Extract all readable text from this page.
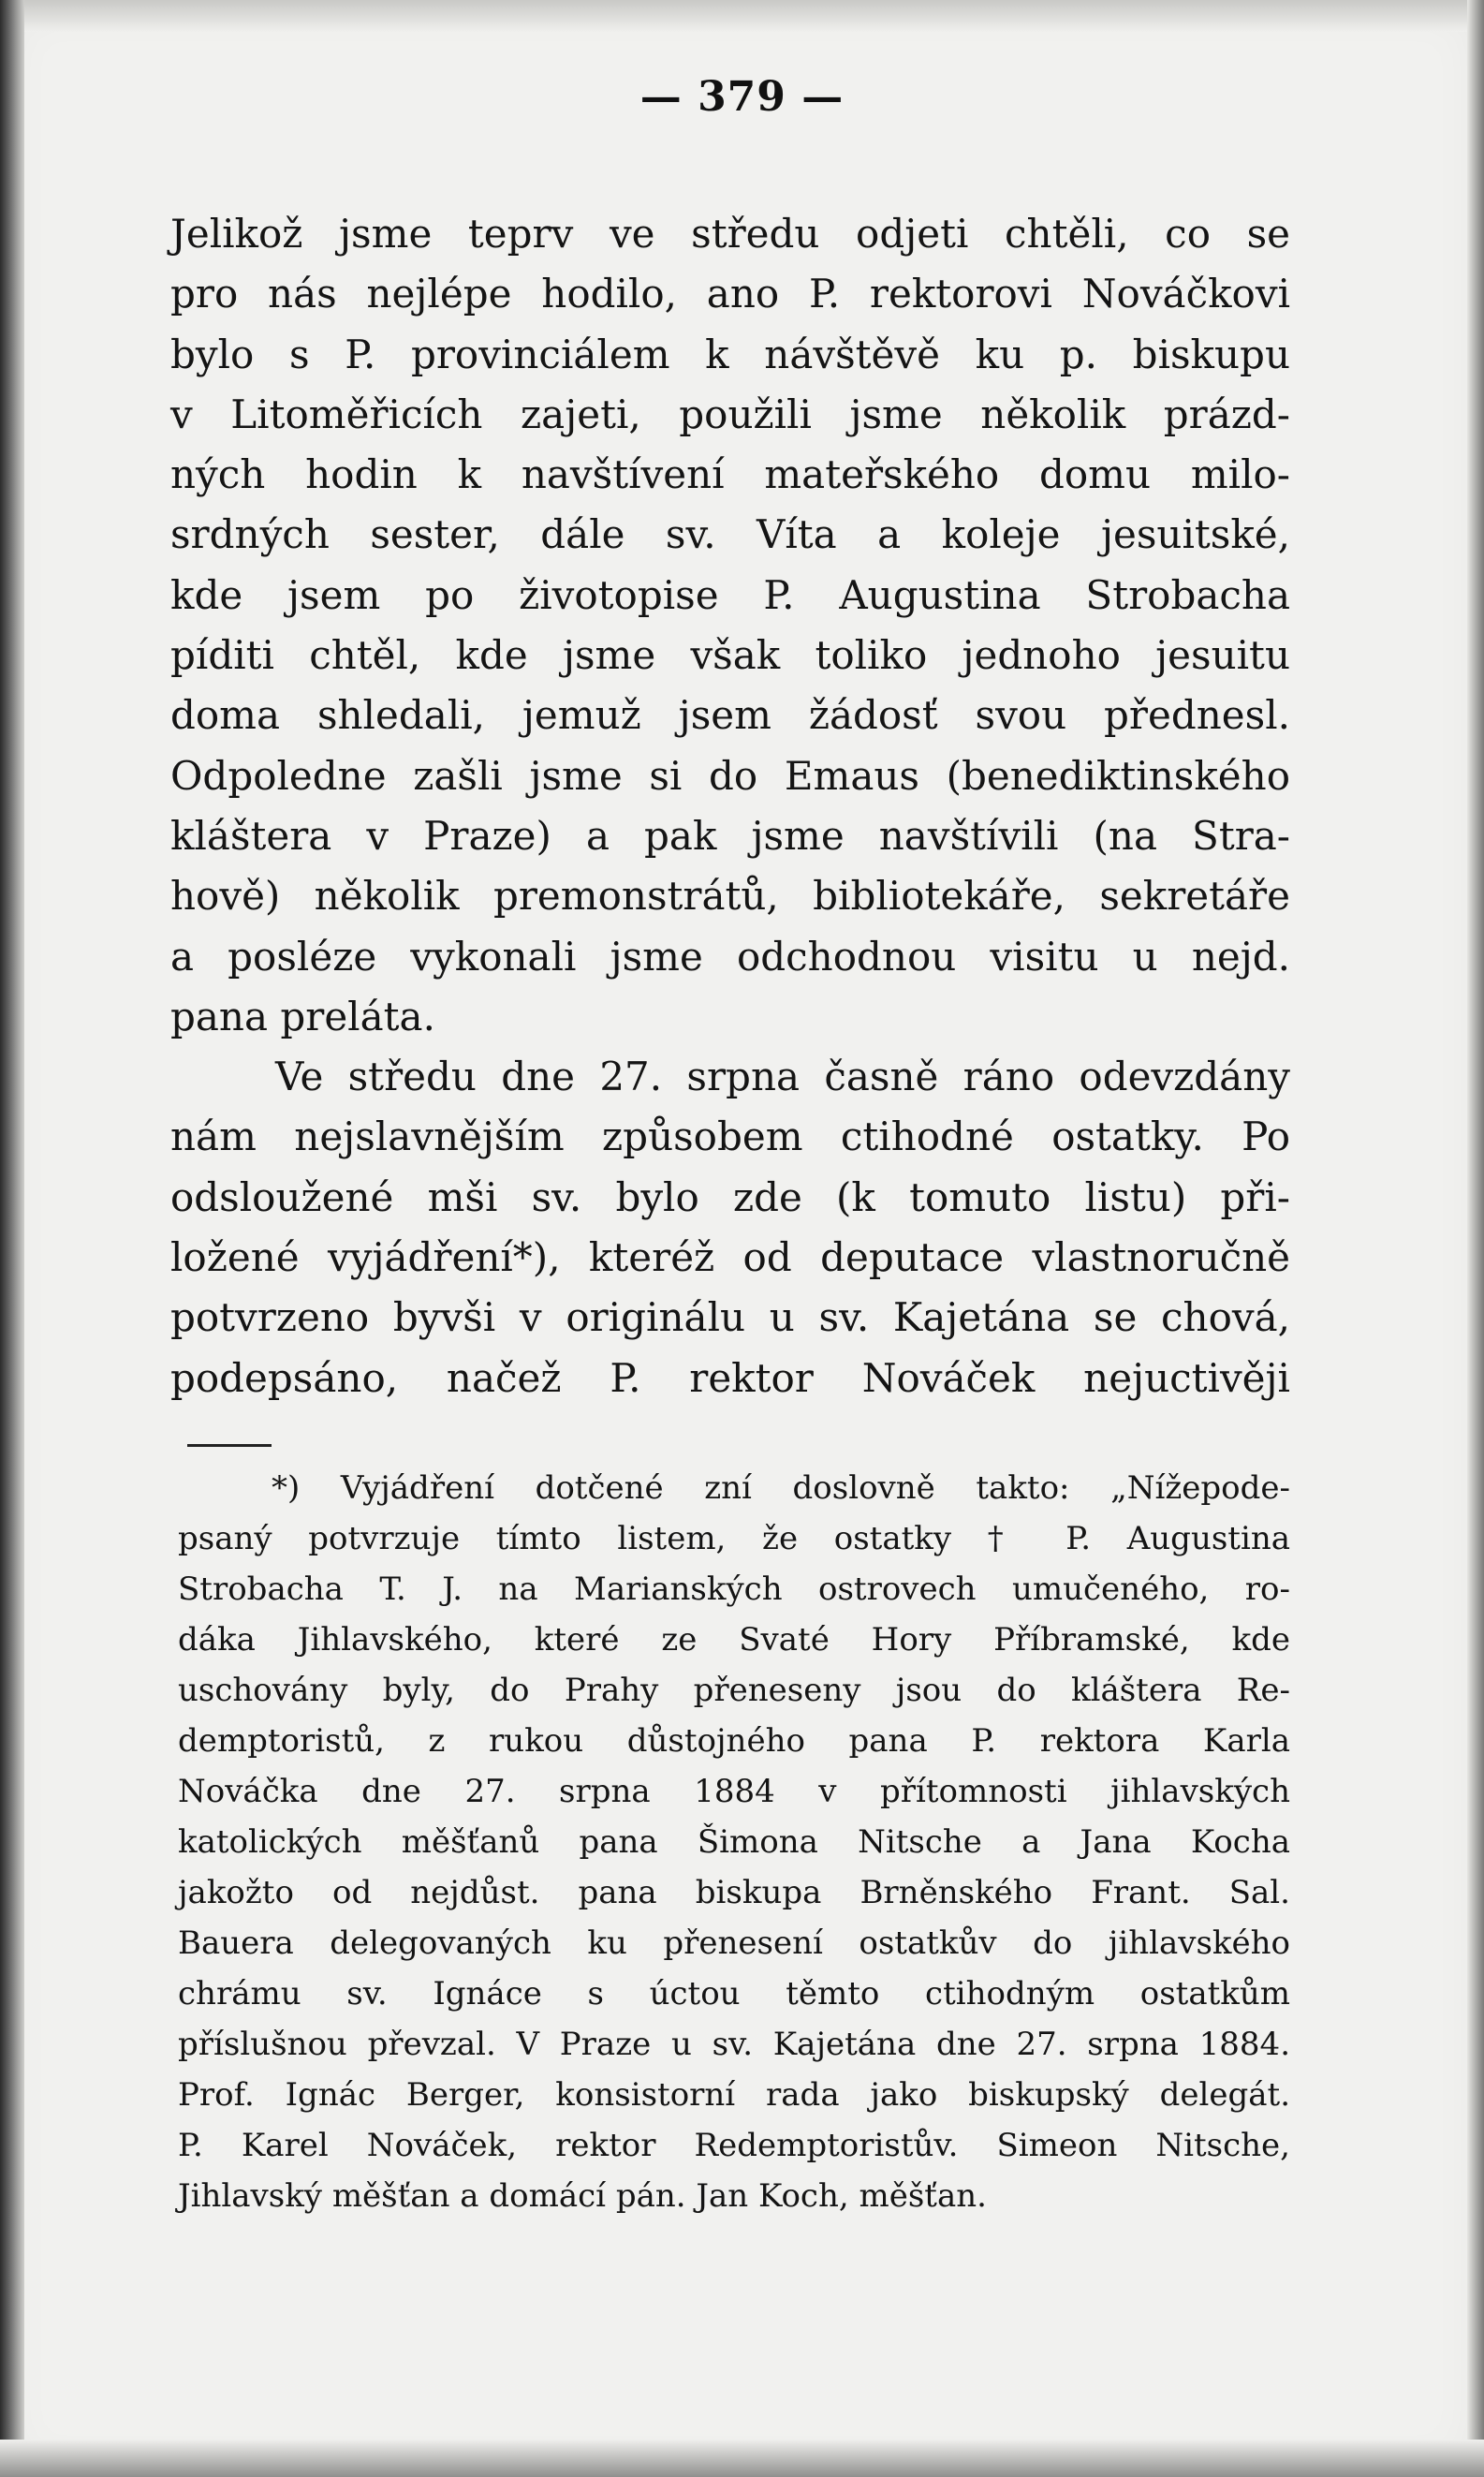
— 379 —
Jelikož jsme teprv ve středu odjeti chtěli, co se
pro nás nejlépe hodilo, ano P. rektorovi Nováčkovi
bylo s P. provinciálem k návštěvě ku p. biskupu
v Litoměřicích zajeti, použili jsme několik prázd-
ných hodin k navštívení mateřského domu milo-
srdných sester, dále sv. Víta a koleje jesuitské,
kde jsem po životopise P. Augustina Strobacha
píditi chtěl, kde jsme však toliko jednoho jesuitu
doma shledali, jemuž jsem žádosť svou přednesl.
Odpoledne zašli jsme si do Emaus (benediktinského
kláštera v Praze) a pak jsme navštívili (na Stra-
hově) několik premonstrátů, bibliotekáře, sekretáře
a posléze vykonali jsme odchodnou visitu u nejd.
pana preláta.
Ve středu dne 27. srpna časně ráno odevzdány
nám nejslavnějším způsobem ctihodné ostatky. Po
odsloužené mši sv. bylo zde (k tomuto listu) při-
ložené vyjádření*), kteréž od deputace vlastnoručně
potvrzeno byvši v originálu u sv. Kajetána se chová,
podepsáno, načež P. rektor Nováček nejuctivěji
*) Vyjádření dotčené zní doslovně takto: „Nížepode-
psaný potvrzuje tímto listem, že ostatky † P. Augustina
Strobacha T. J. na Marianských ostrovech umučeného, ro-
dáka Jihlavského, které ze Svaté Hory Příbramské, kde
uschovány byly, do Prahy přeneseny jsou do kláštera Re-
demptoristů, z rukou důstojného pana P. rektora Karla
Nováčka dne 27. srpna 1884 v přítomnosti jihlavských
katolických měšťanů pana Šimona Nitsche a Jana Kocha
jakožto od nejdůst. pana biskupa Brněnského Frant. Sal.
Bauera delegovaných ku přenesení ostatkův do jihlavského
chrámu sv. Ignáce s úctou těmto ctihodným ostatkům
příslušnou převzal. V Praze u sv. Kajetána dne 27. srpna 1884.
Prof. Ignác Berger, konsistorní rada jako biskupský delegát.
P. Karel Nováček, rektor Redemptoristův. Simeon Nitsche,
Jihlavský měšťan a domácí pán. Jan Koch, měšťan.
